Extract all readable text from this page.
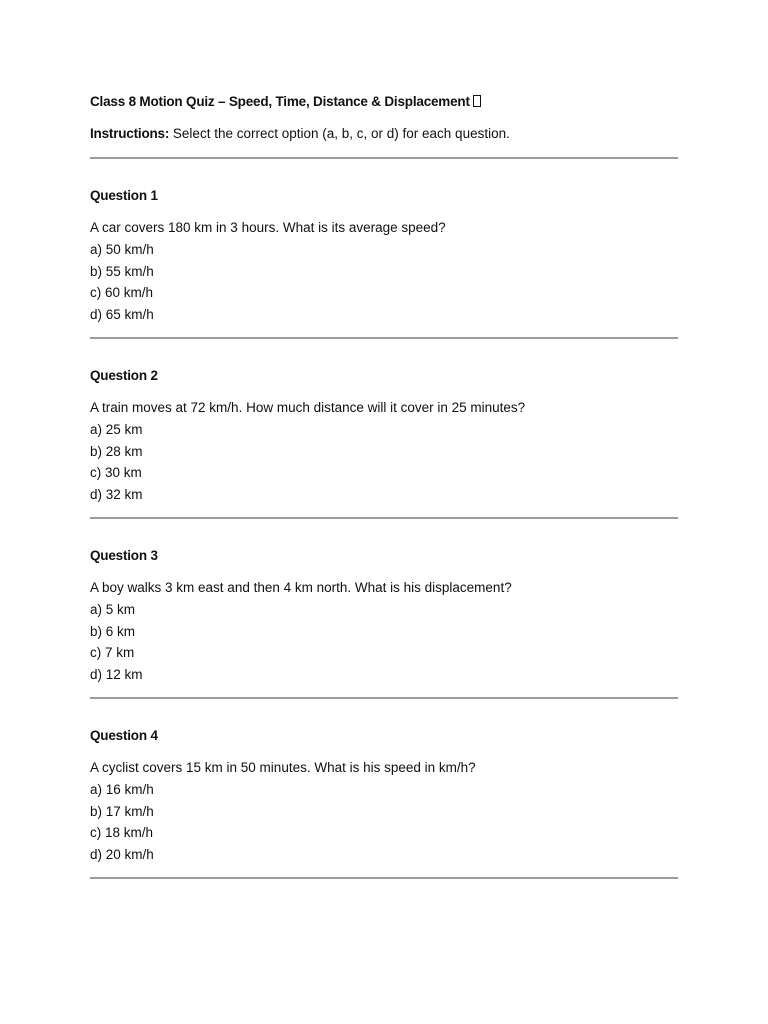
Class 8 Motion Quiz – Speed, Time, Distance & Displacement
Instructions: Select the correct option (a, b, c, or d) for each question.
Question 1
A car covers 180 km in 3 hours. What is its average speed?
a) 50 km/h
b) 55 km/h
c) 60 km/h
d) 65 km/h
Question 2
A train moves at 72 km/h. How much distance will it cover in 25 minutes?
a) 25 km
b) 28 km
c) 30 km
d) 32 km
Question 3
A boy walks 3 km east and then 4 km north. What is his displacement?
a) 5 km
b) 6 km
c) 7 km
d) 12 km
Question 4
A cyclist covers 15 km in 50 minutes. What is his speed in km/h?
a) 16 km/h
b) 17 km/h
c) 18 km/h
d) 20 km/h
